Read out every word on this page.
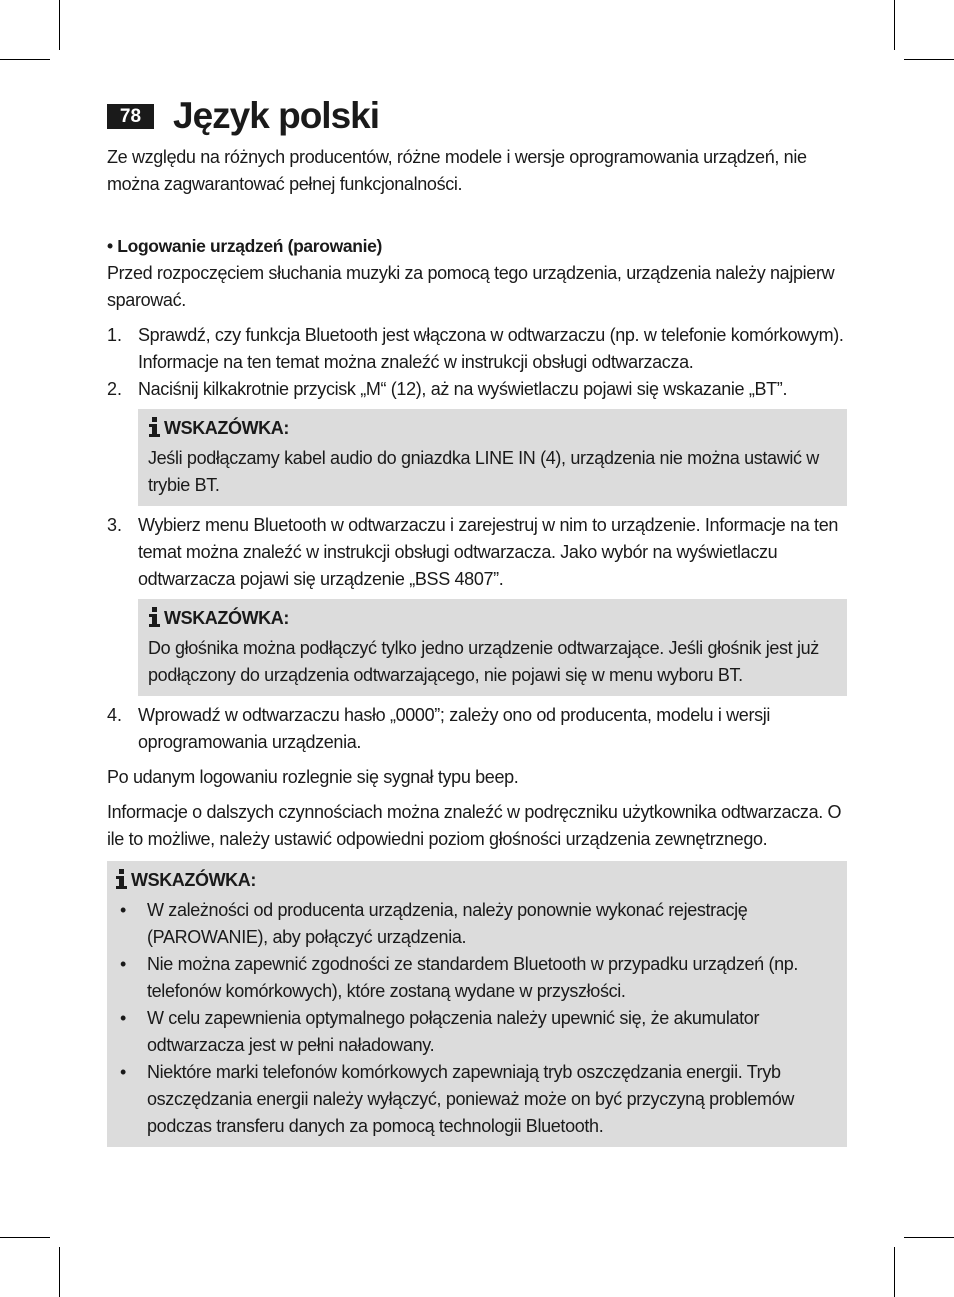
78 Język polski

Ze względu na różnych producentów, różne modele i wersje oprogramowania urządzeń, nie można zagwarantować pełnej funkcjonalności.

• Logowanie urządzeń (parowanie)

Przed rozpoczęciem słuchania muzyki za pomocą tego urządzenia, urządzenia należy najpierw sparować.

1. Sprawdź, czy funkcja Bluetooth jest włączona w odtwarzaczu (np. w telefonie komórkowym). Informacje na ten temat można znaleźć w instrukcji obsługi odtwarzacza.
2. Naciśnij kilkakrotnie przycisk „M“ (12), aż na wyświetlaczu pojawi się wskazanie „BT”.
WSKAZÓWKA:

Jeśli podłączamy kabel audio do gniazdka LINE IN (4), urządzenia nie można ustawić w trybie BT.

3. Wybierz menu Bluetooth w odtwarzaczu i zarejestruj w nim to urządzenie. Informacje na ten temat można znaleźć w instrukcji obsługi odtwarzacza. Jako wybór na wyświetlaczu odtwarzacza pojawi się urządzenie „BSS 4807”.
WSKAZÓWKA:

Do głośnika można podłączyć tylko jedno urządzenie odtwarzające. Jeśli głośnik jest już podłączony do urządzenia odtwarzającego, nie pojawi się w menu wyboru BT.

4. Wprowadź w odtwarzaczu hasło „0000”; zależy ono od producenta, modelu i wersji oprogramowania urządzenia.

Po udanym logowaniu rozlegnie się sygnał typu beep.

Informacje o dalszych czynnościach można znaleźć w podręczniku użytkownika odtwarzacza. O ile to możliwe, należy ustawić odpowiedni poziom głośności urządzenia zewnętrznego.

WSKAZÓWKA:
• W zależności od producenta urządzenia, należy ponownie wykonać rejestrację (PAROWANIE), aby połączyć urządzenia.
• Nie można zapewnić zgodności ze standardem Bluetooth w przypadku urządzeń (np. telefonów komórkowych), które zostaną wydane w przyszłości.
• W celu zapewnienia optymalnego połączenia należy upewnić się, że akumulator odtwarzacza jest w pełni naładowany.
• Niektóre marki telefonów komórkowych zapewniają tryb oszczędzania energii. Tryb oszczędzania energii należy wyłączyć, ponieważ może on być przyczyną problemów podczas transferu danych za pomocą technologii Bluetooth.
